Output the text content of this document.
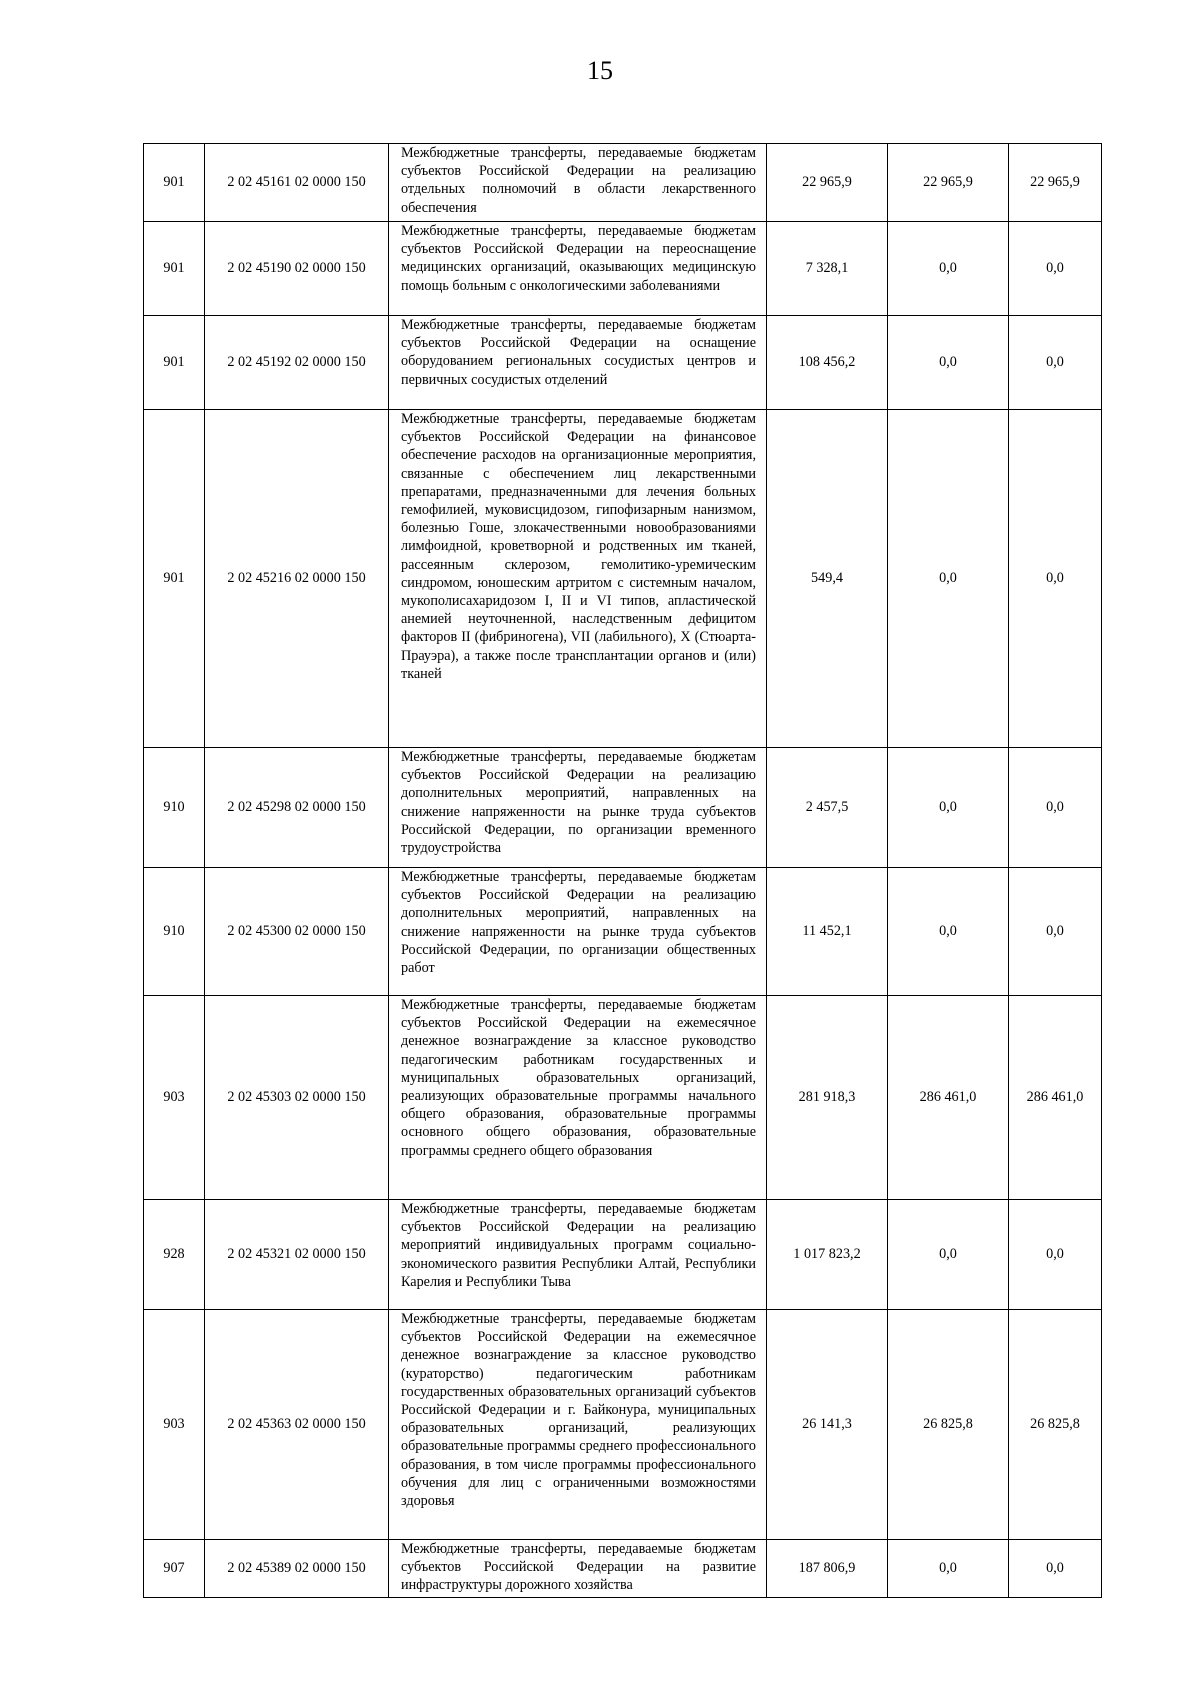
15
901	2 02 45161 02 0000 150	Межбюджетные трансферты, передаваемые бюджетам субъектов Российской Федерации на реализацию отдельных полномочий в области лекарственного обеспечения	22 965,9	22 965,9	22 965,9
901	2 02 45190 02 0000 150	Межбюджетные трансферты, передаваемые бюджетам субъектов Российской Федерации на переоснащение медицинских организаций, оказывающих медицинскую помощь больным с онкологическими заболеваниями	7 328,1	0,0	0,0
901	2 02 45192 02 0000 150	Межбюджетные трансферты, передаваемые бюджетам субъектов Российской Федерации на оснащение оборудованием региональных сосудистых центров и первичных сосудистых отделений	108 456,2	0,0	0,0
901	2 02 45216 02 0000 150	Межбюджетные трансферты, передаваемые бюджетам субъектов Российской Федерации на финансовое обеспечение расходов на организационные мероприятия, связанные с обеспечением лиц лекарственными препаратами, предназначенными для лечения больных гемофилией, муковисцидозом, гипофизарным нанизмом, болезнью Гоше, злокачественными новообразованиями лимфоидной, кроветворной и родственных им тканей, рассеянным склерозом, гемолитико-уремическим синдромом, юношеским артритом с системным началом, мукополисахаридозом I, II и VI типов, апластической анемией неуточненной, наследственным дефицитом факторов II (фибриногена), VII (лабильного), X (Стюарта-Прауэра), а также после трансплантации органов и (или) тканей	549,4	0,0	0,0
910	2 02 45298 02 0000 150	Межбюджетные трансферты, передаваемые бюджетам субъектов Российской Федерации на реализацию дополнительных мероприятий, направленных на снижение напряженности на рынке труда субъектов Российской Федерации, по организации временного трудоустройства	2 457,5	0,0	0,0
910	2 02 45300 02 0000 150	Межбюджетные трансферты, передаваемые бюджетам субъектов Российской Федерации на реализацию дополнительных мероприятий, направленных на снижение напряженности на рынке труда субъектов Российской Федерации, по организации общественных работ	11 452,1	0,0	0,0
903	2 02 45303 02 0000 150	Межбюджетные трансферты, передаваемые бюджетам субъектов Российской Федерации на ежемесячное денежное вознаграждение за классное руководство педагогическим работникам государственных и муниципальных образовательных организаций, реализующих образовательные программы начального общего образования, образовательные программы основного общего образования, образовательные программы среднего общего образования	281 918,3	286 461,0	286 461,0
928	2 02 45321 02 0000 150	Межбюджетные трансферты, передаваемые бюджетам субъектов Российской Федерации на реализацию мероприятий индивидуальных программ социально-экономического развития Республики Алтай, Республики Карелия и Республики Тыва	1 017 823,2	0,0	0,0
903	2 02 45363 02 0000 150	Межбюджетные трансферты, передаваемые бюджетам субъектов Российской Федерации на ежемесячное денежное вознаграждение за классное руководство (кураторство) педагогическим работникам государственных образовательных организаций субъектов Российской Федерации и г. Байконура, муниципальных образовательных организаций, реализующих образовательные программы среднего профессионального образования, в том числе программы профессионального обучения для лиц с ограниченными возможностями здоровья	26 141,3	26 825,8	26 825,8
907	2 02 45389 02 0000 150	Межбюджетные трансферты, передаваемые бюджетам субъектов Российской Федерации на развитие инфраструктуры дорожного хозяйства	187 806,9	0,0	0,0
